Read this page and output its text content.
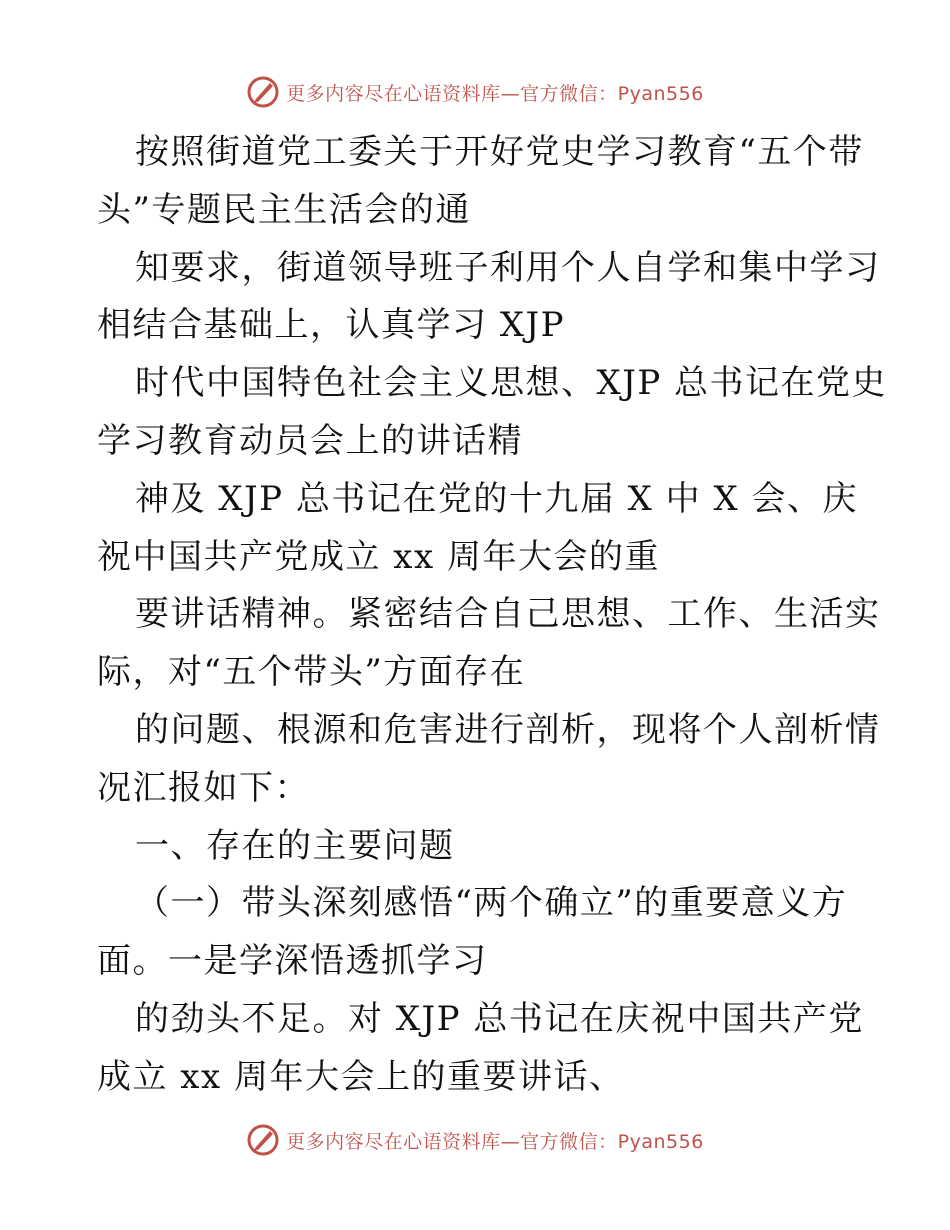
更多内容尽在心语资料库—官方微信：Pyan556
按照街道党工委关于开好党史学习教育“五个带
头”专题民主生活会的通
知要求，街道领导班子利用个人自学和集中学习
相结合基础上，认真学习 XJP
时代中国特色社会主义思想、XJP 总书记在党史
学习教育动员会上的讲话精
神及 XJP 总书记在党的十九届 X 中 X 会、庆
祝中国共产党成立 xx 周年大会的重
要讲话精神。紧密结合自己思想、工作、生活实
际，对“五个带头”方面存在
的问题、根源和危害进行剖析，现将个人剖析情
况汇报如下：
一、存在的主要问题
（一）带头深刻感悟“两个确立”的重要意义方
面。一是学深悟透抓学习
的劲头不足。对 XJP 总书记在庆祝中国共产党
成立 xx 周年大会上的重要讲话、
更多内容尽在心语资料库—官方微信：Pyan556
